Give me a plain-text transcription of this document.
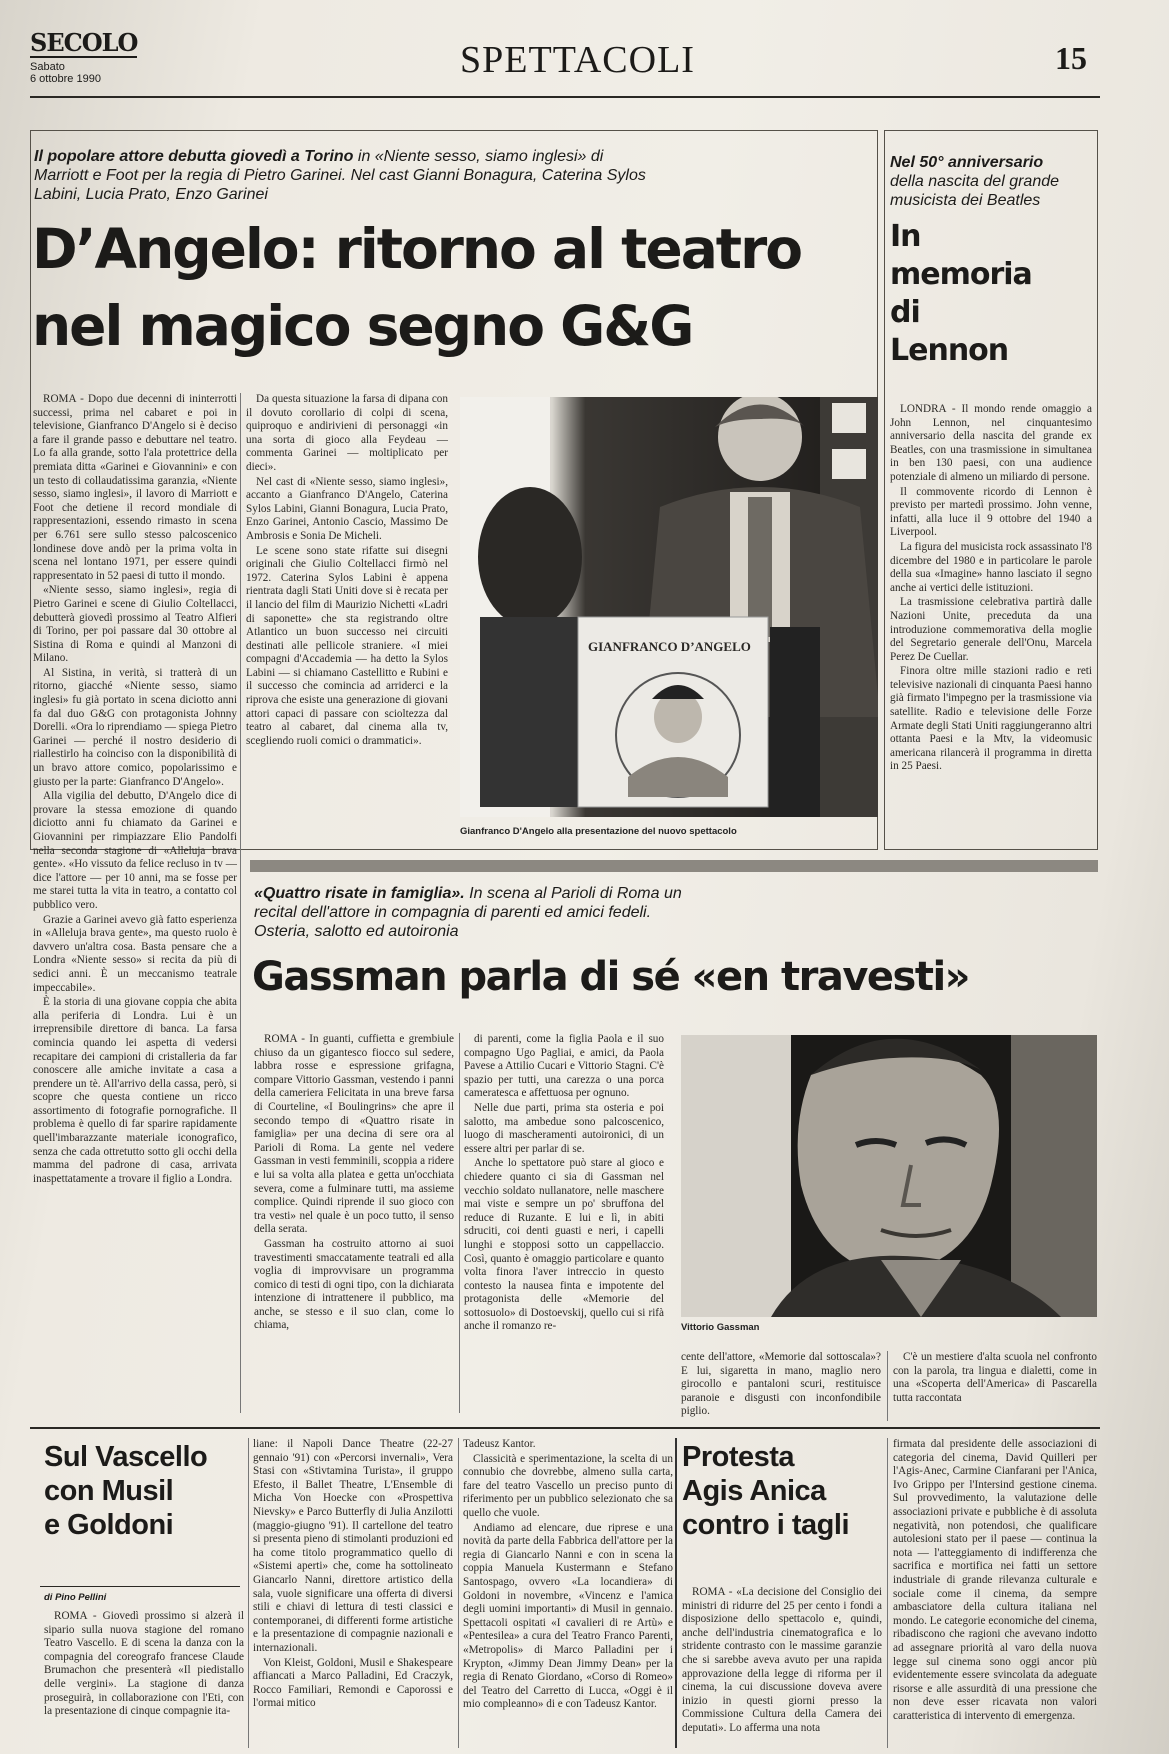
SECOLO
Sabato
6 ottobre 1990	SPETTACOLI	15
Il popolare attore debutta giovedì a Torino in «Niente sesso, siamo inglesi» di Marriott e Foot per la regia di Pietro Garinei. Nel cast Gianni Bonagura, Caterina Sylos Labini, Lucia Prato, Enzo Garinei
D’Angelo: ritorno al teatro
nel magico segno G&G

ROMA - Dopo due decenni di ininterrotti successi, prima nel cabaret e poi in televisione, Gianfranco D'Angelo si è deciso a fare il grande passo e debuttare nel teatro. Lo fa alla grande, sotto l'ala protettrice della premiata ditta «Garinei e Giovannini» e con un testo di collaudatissima garanzia, «Niente sesso, siamo inglesi», il lavoro di Marriott e Foot che detiene il record mondiale di rappresentazioni, essendo rimasto in scena per 6.761 sere sullo stesso palcoscenico londinese dove andò per la prima volta in scena nel lontano 1971, per essere quindi rappresentato in 52 paesi di tutto il mondo.

«Niente sesso, siamo inglesi», regia di Pietro Garinei e scene di Giulio Coltellacci, debutterà giovedì prossimo al Teatro Alfieri di Torino, per poi passare dal 30 ottobre al Sistina di Roma e quindi al Manzoni di Milano.

Al Sistina, in verità, si tratterà di un ritorno, giacché «Niente sesso, siamo inglesi» fu già portato in scena diciotto anni fa dal duo G&G con protagonista Johnny Dorelli. «Ora lo riprendiamo — spiega Pietro Garinei — perché il nostro desiderio di riallestirlo ha coinciso con la disponibilità di un bravo attore comico, popolarissimo e giusto per la parte: Gianfranco D'Angelo».

Alla vigilia del debutto, D'Angelo dice di provare la stessa emozione di quando diciotto anni fu chiamato da Garinei e Giovannini per rimpiazzare Elio Pandolfi nella seconda stagione di «Alleluja brava gente». «Ho vissuto da felice recluso in tv — dice l'attore — per 10 anni, ma se fosse per me starei tutta la vita in teatro, a contatto col pubblico vero.

Grazie a Garinei avevo già fatto esperienza in «Alleluja brava gente», ma questo ruolo è davvero un'altra cosa. Basta pensare che a Londra «Niente sesso» si recita da più di sedici anni. È un meccanismo teatrale impeccabile».

È la storia di una giovane coppia che abita alla periferia di Londra. Lui è un irreprensibile direttore di banca. La farsa comincia quando lei aspetta di vedersi recapitare dei campioni di cristalleria da far conoscere alle amiche invitate a casa a prendere un tè. All'arrivo della cassa, però, si scopre che questa contiene un ricco assortimento di fotografie pornografiche. Il problema è quello di far sparire rapidamente quell'imbarazzante materiale iconografico, senza che cada ottretutto sotto gli occhi della mamma del padrone di casa, arrivata inaspettatamente a trovare il figlio a Londra.

Da questa situazione la farsa di dipana con il dovuto corollario di colpi di scena, quiproquo e andirivieni di personaggi «in una sorta di gioco alla Feydeau — commenta Garinei — moltiplicato per dieci».

Nel cast di «Niente sesso, siamo inglesi», accanto a Gianfranco D'Angelo, Caterina Sylos Labini, Gianni Bonagura, Lucia Prato, Enzo Garinei, Antonio Cascio, Massimo De Ambrosis e Sonia De Micheli.

Le scene sono state rifatte sui disegni originali che Giulio Coltellacci firmò nel 1972. Caterina Sylos Labini è appena rientrata dagli Stati Uniti dove si è recata per il lancio del film di Maurizio Nichetti «Ladri di saponette» che sta registrando oltre Atlantico un buon successo nei circuiti destinati alle pellicole straniere. «I miei compagni d'Accademia — ha detto la Sylos Labini — si chiamano Castellitto e Rubini e il successo che comincia ad arriderci e la riprova che esiste una generazione di giovani attori capaci di passare con scioltezza dal teatro al cabaret, dal cinema alla tv, scegliendo ruoli comici o drammatici».

GIANFRANCO D’ANGELO
Gianfranco D'Angelo alla presentazione del nuovo spettacolo
Nel 50° anniversario
della nascita del grande musicista dei Beatles
In
memoria
di
Lennon

LONDRA - Il mondo rende omaggio a John Lennon, nel cinquantesimo anniversario della nascita del grande ex Beatles, con una trasmissione in simultanea in ben 130 paesi, con una audience potenziale di almeno un miliardo di persone.

Il commovente ricordo di Lennon è previsto per martedì prossimo. John venne, infatti, alla luce il 9 ottobre del 1940 a Liverpool.

La figura del musicista rock assassinato l'8 dicembre del 1980 e in particolare le parole della sua «Imagine» hanno lasciato il segno anche ai vertici delle istituzioni.

La trasmissione celebrativa partirà dalle Nazioni Unite, preceduta da una introduzione commemorativa della moglie del Segretario generale dell'Onu, Marcela Perez De Cuellar.

Finora oltre mille stazioni radio e reti televisive nazionali di cinquanta Paesi hanno già firmato l'impegno per la trasmissione via satellite. Radio e televisione delle Forze Armate degli Stati Uniti raggiungeranno altri ottanta Paesi e la Mtv, la videomusic americana rilancerà il programma in diretta in 25 Paesi.

«Quattro risate in famiglia». In scena al Parioli di Roma un recital dell'attore in compagnia di parenti ed amici fedeli. Osteria, salotto ed autoironia
Gassman parla di sé «en travesti»

ROMA - In guanti, cuffietta e grembiule chiuso da un gigantesco fiocco sul sedere, labbra rosse e espressione grifagna, compare Vittorio Gassman, vestendo i panni della cameriera Felicitata in una breve farsa di Courteline, «I Boulingrins» che apre il secondo tempo di «Quattro risate in famiglia» per una decina di sere ora al Parioli di Roma. La gente nel vedere Gassman in vesti femminili, scoppia a ridere e lui sa volta alla platea e getta un'occhiata severa, come a fulminare tutti, ma assieme complice. Quindi riprende il suo gioco con tra vesti» nel quale è un poco tutto, il senso della serata.

Gassman ha costruito attorno ai suoi travestimenti smaccatamente teatrali ed alla voglia di improvvisare un programma comico di testi di ogni tipo, con la dichiarata intenzione di intrattenere il pubblico, ma anche, se stesso e il suo clan, come lo chiama,

di parenti, come la figlia Paola e il suo compagno Ugo Pagliai, e amici, da Paola Pavese a Attilio Cucari e Vittorio Stagni. C'è spazio per tutti, una carezza o una porca cameratesca e affettuosa per ognuno.

Nelle due parti, prima sta osteria e poi salotto, ma ambedue sono palcoscenico, luogo di mascheramenti autoironici, di un essere altri per parlar di se.

Anche lo spettatore può stare al gioco e chiedere quanto ci sia di Gassman nel vecchio soldato nullanatore, nelle maschere mai viste e sempre un po' sbruffona del reduce di Ruzante. E lui e lì, in abiti sdruciti, coi denti guasti e neri, i capelli lunghi e stopposi sotto un cappellaccio. Così, quanto è omaggio particolare e quanto volta finora l'aver intreccio in questo contesto la nausea finta e impotente del protagonista delle «Memorie del sottosuolo» di Dostoevskij, quello cui si rifà anche il romanzo re-	Vittorio Gassman

cente dell'attore, «Memorie dal sottoscala»? E lui, sigaretta in mano, maglio nero girocollo e pantaloni scuri, restituisce paranoie e disgusti con inconfondibile piglio.

C'è un mestiere d'alta scuola nel confronto con la parola, tra lingua e dialetti, come in una «Scoperta dell'America» di Pascarella tutta raccontata

Sul Vascello
con Musil
e Goldoni
di Pino Pellini

ROMA - Giovedì prossimo si alzerà il sipario sulla nuova stagione del romano Teatro Vascello. E di scena la danza con la compagnia del coreografo francese Claude Brumachon che presenterà «Il piedistallo delle vergini». La stagione di danza proseguirà, in collaborazione con l'Eti, con la presentazione di cinque compagnie ita-

liane: il Napoli Dance Theatre (22-27 gennaio '91) con «Percorsi invernali», Vera Stasi con «Stivtamina Turista», il gruppo Efesto, il Ballet Theatre, L'Ensemble di Micha Von Hoecke con «Prospettiva Nievsky» e Parco Butterfly di Julia Anzilotti (maggio-giugno '91). Il cartellone del teatro si presenta pieno di stimolanti produzioni ed ha come titolo programmatico quello di «Sistemi aperti» che, come ha sottolineato Giancarlo Nanni, direttore artistico della sala, vuole significare una offerta di diversi stili e chiavi di lettura di testi classici e contemporanei, di differenti forme artistiche e la presentazione di compagnie nazionali e internazionali.

Von Kleist, Goldoni, Musil e Shakespeare affiancati a Marco Palladini, Ed Craczyk, Rocco Familiari, Remondi e Caporossi e l'ormai mitico

Tadeusz Kantor.

Classicità e sperimentazione, la scelta di un connubio che dovrebbe, almeno sulla carta, fare del teatro Vascello un preciso punto di riferimento per un pubblico selezionato che sa quello che vuole.

Andiamo ad elencare, due riprese e una novità da parte della Fabbrica dell'attore per la regia di Giancarlo Nanni e con in scena la coppia Manuela Kustermann e Stefano Santospago, ovvero «La locandiera» di Goldoni in novembre, «Vincenz e l'amica degli uomini importanti» di Musil in gennaio. Spettacoli ospitati «I cavalieri di re Artù» e «Pentesilea» a cura del Teatro Franco Parenti, «Metropolis» di Marco Palladini per i Krypton, «Jimmy Dean Jimmy Dean» per la regia di Renato Giordano, «Corso di Romeo» del Teatro del Carretto di Lucca, «Oggi è il mio compleanno» di e con Tadeusz Kantor.

Protesta
Agis Anica
contro i tagli

ROMA - «La decisione del Consiglio dei ministri di ridurre del 25 per cento i fondi a disposizione dello spettacolo e, quindi, anche dell'industria cinematografica e lo stridente contrasto con le massime garanzie che si sarebbe aveva avuto per una rapida approvazione della legge di riforma per il cinema, la cui discussione doveva avere inizio in questi giorni presso la Commissione Cultura della Camera dei deputati». Lo afferma una nota

firmata dal presidente delle associazioni di categoria del cinema, David Quilleri per l'Agis-Anec, Carmine Cianfarani per l'Anica, Ivo Grippo per l'Intersind gestione cinema. Sul provvedimento, la valutazione delle associazioni private e pubbliche è di assoluta negatività, non potendosi, che qualificare autolesioni stato per il paese — continua la nota — l'atteggiamento di indifferenza che sacrifica e mortifica nei fatti un settore industriale di grande rilevanza culturale e sociale come il cinema, da sempre ambasciatore della cultura italiana nel mondo. Le categorie economiche del cinema, ribadiscono che ragioni che avevano indotto ad assegnare priorità al varo della nuova legge sul cinema sono oggi ancor più evidentemente essere svincolata da adeguate risorse e alle assurdità di una pressione che non deve esser ricavata non valori caratteristica di intervento di emergenza.
